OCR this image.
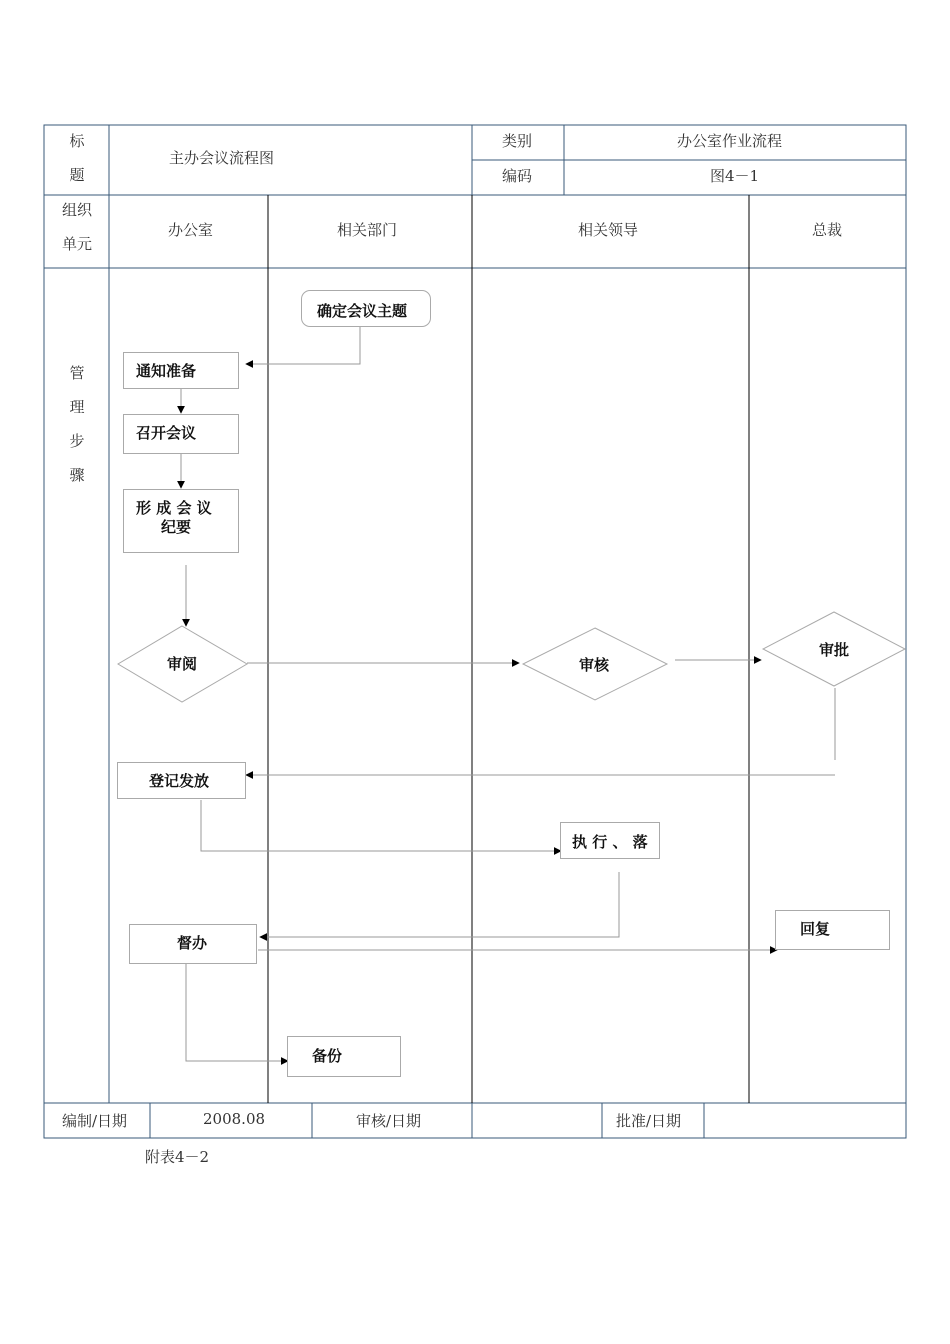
标题
主办会议流程图
类别	办公室作业流程
编码	图4－1
组织单元
办公室	相关部门	相关领导	总裁
管理步骤
确定会议主题
通知准备
召开会议
形 成 会 议
纪要
审阅	审核
审批
登记发放
执 行 、 落
督办
回复
备份
编制/日期	2008.08	审核/日期	批准/日期
附表4－2
